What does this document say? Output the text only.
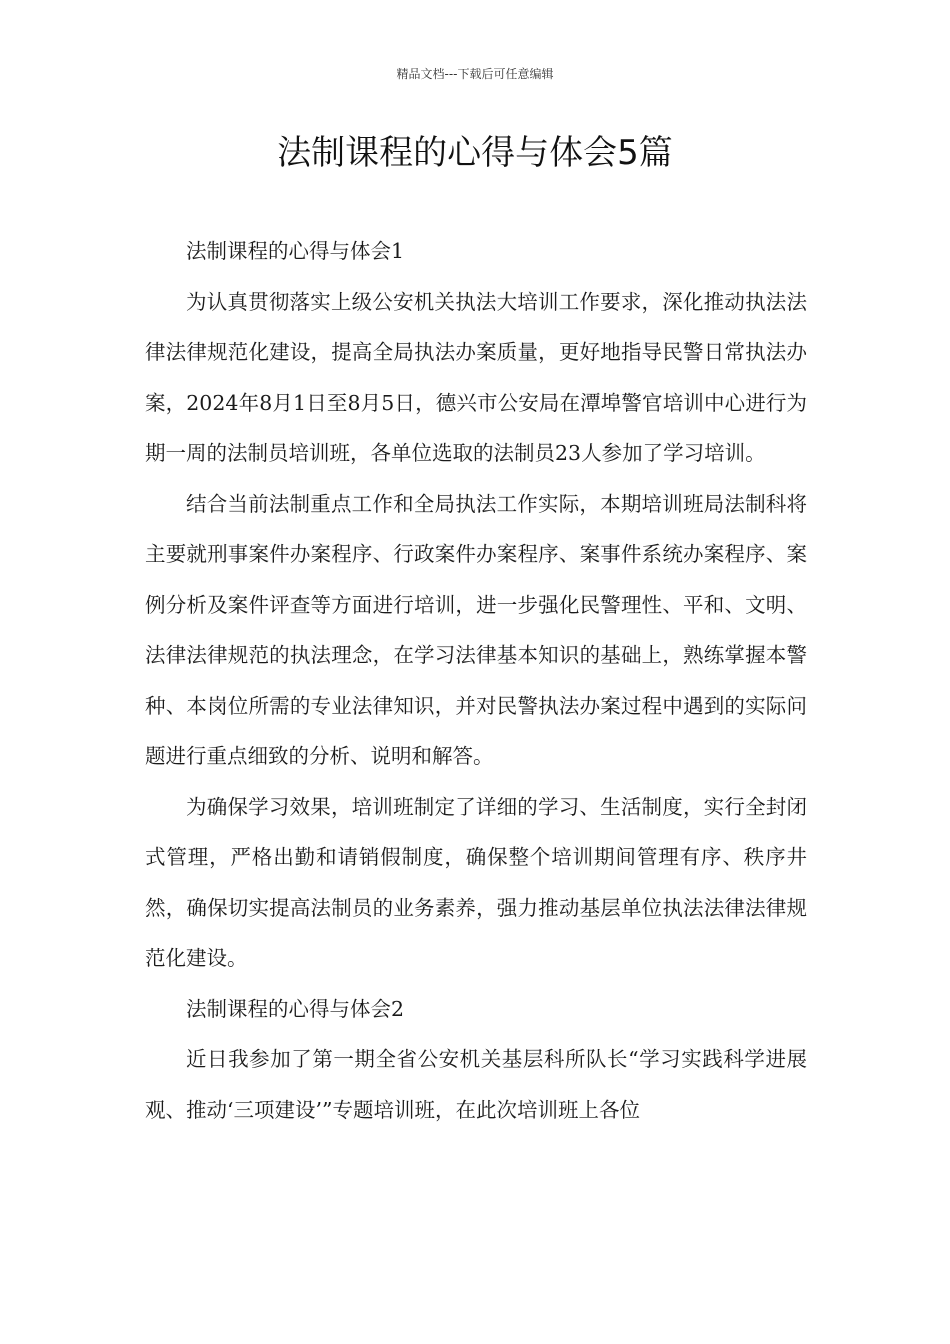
精品文档---下载后可任意编辑
法制课程的心得与体会5篇

法制课程的心得与体会1

为认真贯彻落实上级公安机关执法大培训工作要求，深化推动执法法律法律规范化建设，提高全局执法办案质量，更好地指导民警日常执法办案，2024年8月1日至8月5日，德兴市公安局在潭埠警官培训中心进行为期一周的法制员培训班，各单位选取的法制员23人参加了学习培训。

结合当前法制重点工作和全局执法工作实际，本期培训班局法制科将主要就刑事案件办案程序、行政案件办案程序、案事件系统办案程序、案例分析及案件评查等方面进行培训，进一步强化民警理性、平和、文明、法律法律规范的执法理念，在学习法律基本知识的基础上，熟练掌握本警种、本岗位所需的专业法律知识，并对民警执法办案过程中遇到的实际问题进行重点细致的分析、说明和解答。

为确保学习效果，培训班制定了详细的学习、生活制度，实行全封闭式管理，严格出勤和请销假制度，确保整个培训期间管理有序、秩序井然，确保切实提高法制员的业务素养，强力推动基层单位执法法律法律规范化建设。

法制课程的心得与体会2

近日我参加了第一期全省公安机关基层科所队长“学习实践科学进展观、推动‘三项建设’”专题培训班，在此次培训班上各位
